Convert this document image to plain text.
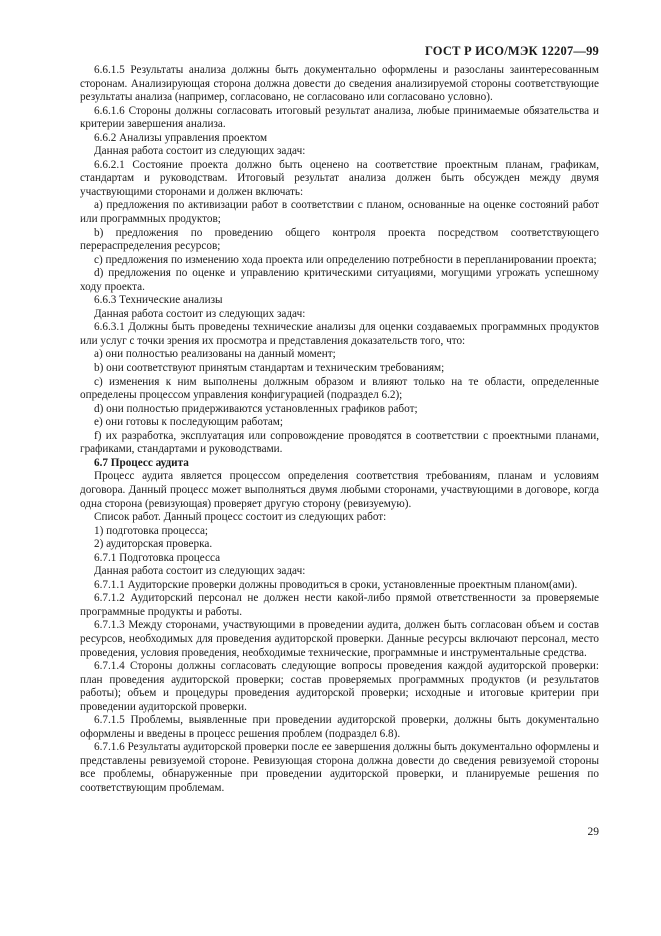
ГОСТ Р ИСО/МЭК 12207—99

6.6.1.5 Результаты анализа должны быть документально оформлены и разосланы заинтересованным сторонам. Анализирующая сторона должна довести до сведения анализируемой стороны соответствующие результаты анализа (например, согласовано, не согласовано или согласовано условно).

6.6.1.6 Стороны должны согласовать итоговый результат анализа, любые принимаемые обязательства и критерии завершения анализа.

6.6.2 Анализы управления проектом

Данная работа состоит из следующих задач:

6.6.2.1 Состояние проекта должно быть оценено на соответствие проектным планам, графикам, стандартам и руководствам. Итоговый результат анализа должен быть обсужден между двумя участвующими сторонами и должен включать:

a) предложения по активизации работ в соответствии с планом, основанные на оценке состояний работ или программных продуктов;

b) предложения по проведению общего контроля проекта посредством соответствующего перераспределения ресурсов;

c) предложения по изменению хода проекта или определению потребности в перепланировании проекта;

d) предложения по оценке и управлению критическими ситуациями, могущими угрожать успешному ходу проекта.

6.6.3 Технические анализы

Данная работа состоит из следующих задач:

6.6.3.1 Должны быть проведены технические анализы для оценки создаваемых программных продуктов или услуг с точки зрения их просмотра и представления доказательств того, что:

a) они полностью реализованы на данный момент;

b) они соответствуют принятым стандартам и техническим требованиям;

c) изменения к ним выполнены должным образом и влияют только на те области, определенные определены процессом управления конфигурацией (подраздел 6.2);

d) они полностью придерживаются установленных графиков работ;

e) они готовы к последующим работам;

f) их разработка, эксплуатация или сопровождение проводятся в соответствии с проектными планами, графиками, стандартами и руководствами.

6.7 Процесс аудита

Процесс аудита является процессом определения соответствия требованиям, планам и условиям договора. Данный процесс может выполняться двумя любыми сторонами, участвующими в договоре, когда одна сторона (ревизующая) проверяет другую сторону (ревизуемую).

Список работ. Данный процесс состоит из следующих работ:

1) подготовка процесса;

2) аудиторская проверка.

6.7.1 Подготовка процесса

Данная работа состоит из следующих задач:

6.7.1.1 Аудиторские проверки должны проводиться в сроки, установленные проектным планом(ами).

6.7.1.2 Аудиторский персонал не должен нести какой-либо прямой ответственности за проверяемые программные продукты и работы.

6.7.1.3 Между сторонами, участвующими в проведении аудита, должен быть согласован объем и состав ресурсов, необходимых для проведения аудиторской проверки. Данные ресурсы включают персонал, место проведения, условия проведения, необходимые технические, программные и инструментальные средства.

6.7.1.4 Стороны должны согласовать следующие вопросы проведения каждой аудиторской проверки: план проведения аудиторской проверки; состав проверяемых программных продуктов (и результатов работы); объем и процедуры проведения аудиторской проверки; исходные и итоговые критерии при проведении аудиторской проверки.

6.7.1.5 Проблемы, выявленные при проведении аудиторской проверки, должны быть документально оформлены и введены в процесс решения проблем (подраздел 6.8).

6.7.1.6 Результаты аудиторской проверки после ее завершения должны быть документально оформлены и представлены ревизуемой стороне. Ревизующая сторона должна довести до сведения ревизуемой стороны все проблемы, обнаруженные при проведении аудиторской проверки, и планируемые решения по соответствующим проблемам.

29
